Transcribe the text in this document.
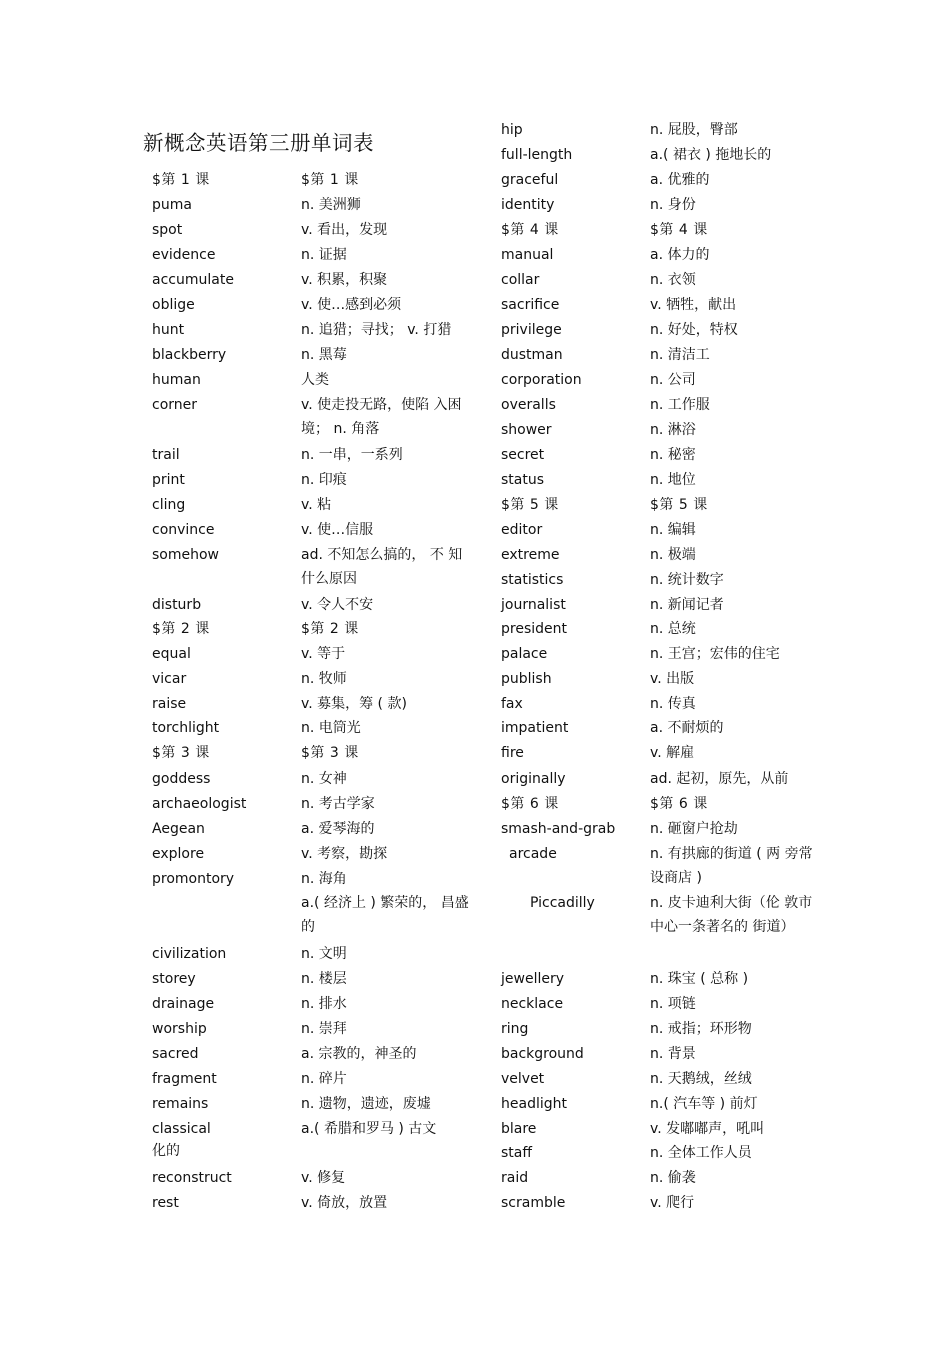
新概念英语第三册单词表
$第 1 课	$第 1 课
puma	n. 美洲狮
spot	v. 看出，发现
evidence	n. 证据
accumulate	v. 积累，积聚
oblige	v. 使…感到必须
hunt	n. 追猎；寻找； v. 打猎
blackberry	n. 黑莓
human	人类
corner	v. 使走投无路，使陷 入困境； n. 角落
trail	n. 一串，一系列
print	n. 印痕
cling	v. 粘
convince	v. 使…信服
somehow	ad. 不知怎么搞的， 不 知什么原因
disturb	v. 令人不安
$第 2 课	$第 2 课
equal	v. 等于
vicar	n. 牧师
raise	v. 募集，筹 ( 款)
torchlight	n. 电筒光
$第 3 课	$第 3 课
goddess	n. 女神
archaeologist	n. 考古学家
Aegean	a. 爱琴海的
explore	v. 考察，勘探
promontory	n. 海角
a.( 经济上 ) 繁荣的， 昌盛的
civilization	n. 文明
storey	n. 楼层
drainage	n. 排水
worship	n. 崇拜
sacred	a. 宗教的，神圣的
fragment	n. 碎片
remains	n. 遗物，遗迹，废墟
classical	a.( 希腊和罗马 ) 古文
化的
reconstruct	v. 修复
rest	v. 倚放，放置
hip	n. 屁股，臀部
full-length	a.( 裙衣 ) 拖地长的
graceful	a. 优雅的
identity	n. 身份
$第 4 课	$第 4 课
manual	a. 体力的
collar	n. 衣领
sacrifice	v. 牺牲，献出
privilege	n. 好处，特权
dustman	n. 清洁工
corporation	n. 公司
overalls	n. 工作服
shower	n. 淋浴
secret	n. 秘密
status	n. 地位
$第 5 课	$第 5 课
editor	n. 编辑
extreme	n. 极端
statistics	n. 统计数字
journalist	n. 新闻记者
president	n. 总统
palace	n. 王宫；宏伟的住宅
publish	v. 出版
fax	n. 传真
impatient	a. 不耐烦的
fire	v. 解雇
originally	ad. 起初，原先，从前
$第 6 课	$第 6 课
smash-and-grab n. 砸窗户抢劫
arcade	n. 有拱廊的街道 ( 两 旁常设商店 )
Piccadilly	n. 皮卡迪利大街（伦 敦市中心一条著名的 街道）
jewellery	n. 珠宝 ( 总称 )
necklace	n. 项链
ring	n. 戒指；环形物
background	n. 背景
velvet	n. 天鹅绒，丝绒
headlight	n.( 汽车等 ) 前灯
blare	v. 发嘟嘟声，吼叫
staff	n. 全体工作人员
raid	n. 偷袭
scramble	v. 爬行
